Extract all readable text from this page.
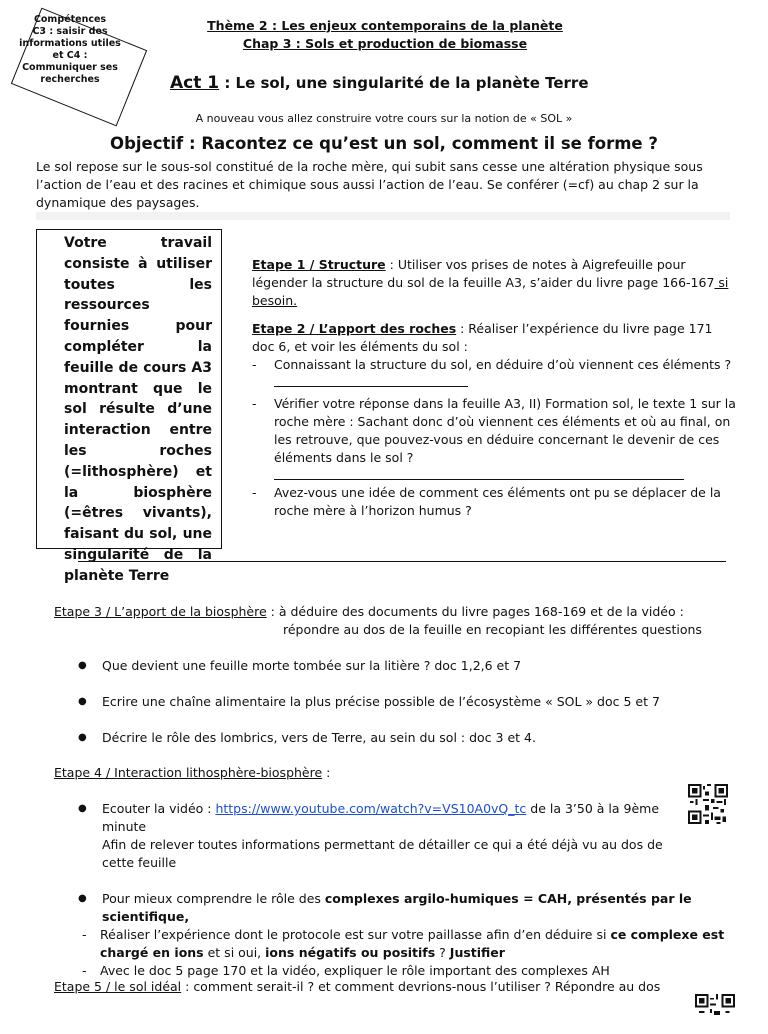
Compétences
C3 : saisir des
informations utiles
et C4 :
Communiquer ses
recherches
Thème 2 : Les enjeux contemporains de la planète
Chap 3 : Sols et production de biomasse
Act 1 : Le sol, une singularité de la planète Terre
A nouveau vous allez construire votre cours sur la notion de « SOL »
Objectif : Racontez ce qu’est un sol, comment il se forme ?
Le sol repose sur le sous-sol constitué de la roche mère, qui subit sans cesse une altération physique sous l’action de l’eau et des racines et chimique sous aussi l’action de l’eau. Se conférer (=cf) au chap 2 sur la dynamique des paysages.
Votre travail consiste à utiliser toutes les ressources fournies pour compléter la feuille de cours A3 montrant que le sol résulte d’une interaction entre les roches (=lithosphère) et la biosphère (=êtres vivants), faisant du sol, une singularité de la planète Terre

Etape 1 / Structure : Utiliser vos prises de notes à Aigrefeuille pour légender la structure du sol de la feuille A3, s’aider du livre page 166-167 si besoin.

Etape 2 / L’apport des roches : Réaliser l’expérience du livre page 171 doc 6, et voir les éléments du sol :

-	Connaissant la structure du sol, en déduire d’où viennent ces éléments ?
-	Vérifier votre réponse dans la feuille A3, II) Formation sol, le texte 1 sur la roche mère : Sachant donc d’où viennent ces éléments et où au final, on les retrouve, que pouvez-vous en déduire concernant le devenir de ces éléments dans le sol ?
-	Avez-vous une idée de comment ces éléments ont pu se déplacer de la roche mère à l’horizon humus ?
Etape 3 / L’apport de la biosphère : à déduire des documents du livre pages 168-169 et de la vidéo :
répondre au dos de la feuille en recopiant les différentes questions
●	Que devient une feuille morte tombée sur la litière ? doc 1,2,6 et 7
●	Ecrire une chaîne alimentaire la plus précise possible de l’écosystème « SOL » doc 5 et 7
●	Décrire le rôle des lombrics, vers de Terre, au sein du sol : doc 3 et 4.
Etape 4 / Interaction lithosphère-biosphère :
●	Ecouter la vidéo : https://www.youtube.com/watch?v=VS10A0vQ_tc de la 3’50 à la 9ème minute
Afin de relever toutes informations permettant de détailler ce qui a été déjà vu au dos de cette feuille
●	Pour mieux comprendre le rôle des complexes argilo-humiques = CAH, présentés par le scientifique,
-	Réaliser l’expérience dont le protocole est sur votre paillasse afin d’en déduire si ce complexe est chargé en ions et si oui, ions négatifs ou positifs ? Justifier
-	Avec le doc 5 page 170 et la vidéo, expliquer le rôle important des complexes AH
Etape 5 / le sol idéal : comment serait-il ? et comment devrions-nous l’utiliser ? Répondre au dos
